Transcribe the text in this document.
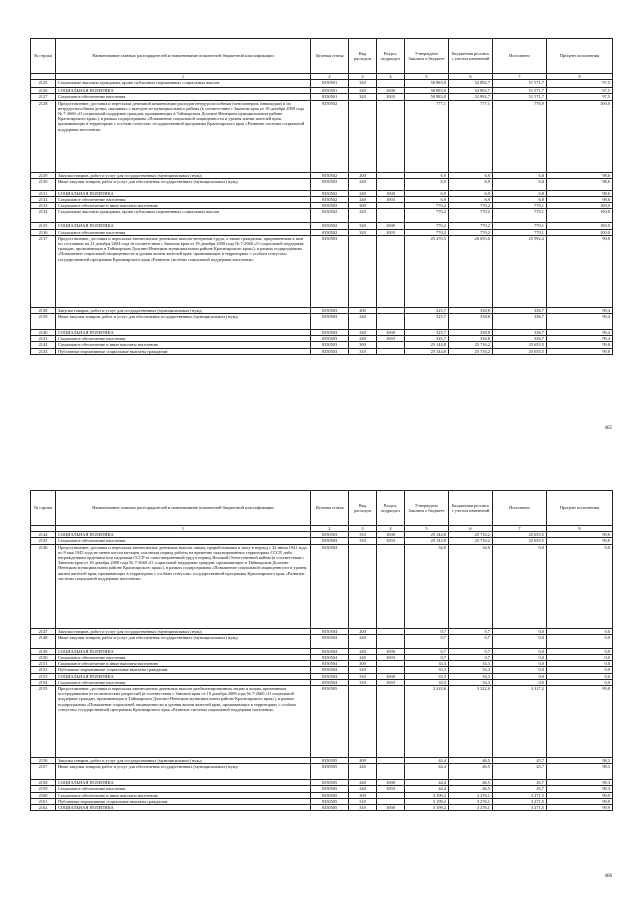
№ строки	Наименование главных распорядителей и наименование показателей бюджетной классификации	Целевая статья	Вид расходов	Раздел, подраздел	Утверждено Законом о бюджете	Бюджетная роспись с учетом изменений	Исполнено	Процент исполнения
	1	2	3	4	5	6	7	8
2125	Социальные выплаты гражданам, кроме публичных нормативных социальных выплат	0350501	320		50 883,0	52 892,7	51 571,7	97,5
2126	СОЦИАЛЬНАЯ ПОЛИТИКА	0350501	320	1000	50 883,0	52 892,7	51 571,7	97,5
2127	Социальное обеспечение населения	0350501	320	1003	50 883,0	52 892,7	51 571,7	97,5
2128	Предоставление, доставка и пересылка денежной компенсации расходов нетрудоспособным (пенсионерам, инвалидам) и их нетрудоспособным детям, связанных с выездом из муниципального района (в соответствии с Законом края от 18 декабря 2008 года № 7-2660 «О социальной поддержке граждан, проживающих в Таймырском Долгано-Ненецком муниципальном районе Красноярского края»), в рамках подпрограммы «Повышение социальной защищенности и уровня жизни жителей края, проживающих в территориях с особым статусом» государственной программы Красноярского края «Развитие системы социальной поддержки населения»	0350502			777,1	777,1	776,9	100,0
2129	Закупка товаров, работ и услуг для государственных (муниципальных) нужд	0350502	200		6,9	6,9	6,8	98,6
2130	Иные закупки товаров, работ и услуг для обеспечения государственных (муниципальных) нужд	0350502	240		6,9	6,9	6,8	98,6
2131	СОЦИАЛЬНАЯ ПОЛИТИКА	0350502	240	1000	6,9	6,9	6,8	98,6
2132	Социальное обеспечение населения	0350502	240	1003	6,9	6,9	6,8	98,6
2133	Социальное обеспечение и иные выплаты населению	0350502	300		770,2	770,2	770,1	100,0
2134	Социальные выплаты гражданам, кроме публичных нормативных социальных выплат	0350502	320		770,2	770,2	770,1	100,0
2135	СОЦИАЛЬНАЯ ПОЛИТИКА	0350502	320	1000	770,2	770,2	770,1	100,0
2136	Социальное обеспечение населения	0350502	320	1003	770,2	770,2	770,1	100,0
2137	Предоставление, доставка и пересылка ежемесячных денежных выплат ветеранам труда, а также гражданам, приравненным к ним по состоянию на 31 декабря 2004 года (в соответствии с Законом края от 18 декабря 2008 года № 7-2660 «О социальной поддержке граждан, проживающих в Таймырском Долгано-Ненецком муниципальном районе Красноярского края»), в рамках подпрограммы «Повышение социальной защищенности и уровня жизни жителей края, проживающих в территориях с особым статусом» государственной программы Красноярского края «Развитие системы социальной поддержки населения»	0350503			25 470,5	26 055,0	25 992,2	99,8
2138	Закупка товаров, работ и услуг для государственных (муниципальных) нужд	0350503	200		325,7	338,8	336,7	99,4
2139	Иные закупки товаров, работ и услуг для обеспечения государственных (муниципальных) нужд	0350503	240		325,7	338,8	336,7	99,4
2140	СОЦИАЛЬНАЯ ПОЛИТИКА	0350503	240	1000	325,7	338,8	336,7	99,4
2141	Социальное обеспечение населения	0350503	240	1003	325,7	338,8	336,7	99,4
2142	Социальное обеспечение и иные выплаты населению	0350503	300		25 144,8	25 716,2	25 655,5	99,8
2143	Публичные нормативные социальные выплаты гражданам	0350503	310		25 144,8	25 716,2	25 655,5	99,8
465
№ строки	Наименование главных распорядителей и наименование показателей бюджетной классификации	Целевая статья	Вид расходов	Раздел, подраздел	Утверждено Законом о бюджете	Бюджетная роспись с учетом изменений	Исполнено	Процент исполнения
	1	2	3	4	5	6	7	8
2144	СОЦИАЛЬНАЯ ПОЛИТИКА	0350503	310	1000	25 144,8	25 716,2	25 655,5	99,8
2145	Социальное обеспечение населения	0350503	310	1003	25 144,8	25 716,2	25 655,5	99,8
2146	Предоставление, доставка и пересылка ежемесячных денежных выплат лицам, проработавшим в тылу в период с 22 июня 1941 года по 9 мая 1945 года не менее шести месяцев, исключая период работы на временно оккупированных территориях СССР, либо награжденным орденами или медалями СССР за самоотверженный труд в период Великой Отечественной войны (в соответствии с Законом края от 18 декабря 2008 года № 7-2660 «О социальной поддержке граждан, проживающих в Таймырском Долгано-Ненецком муниципальном районе Красноярского края»), в рамках подпрограммы «Повышение социальной защищенности и уровня жизни жителей края, проживающих в территориях с особым статусом» государственной программы Красноярского края «Развитие системы социальной поддержки населения»	0350504			34,0	34,0	0,0	0,0
2147	Закупка товаров, работ и услуг для государственных (муниципальных) нужд	0350504	200		0,7	0,7	0,0	0,0
2148	Иные закупки товаров, работ и услуг для обеспечения государственных (муниципальных) нужд	0350504	240		0,7	0,7	0,0	0,0
2149	СОЦИАЛЬНАЯ ПОЛИТИКА	0350504	240	1000	0,7	0,7	0,0	0,0
2150	Социальное обеспечение населения	0350504	240	1003	0,7	0,7	0,0	0,0
2151	Социальное обеспечение и иные выплаты населению	0350504	300		33,3	33,3	0,0	0,0
2152	Публичные нормативные социальные выплаты гражданам	0350504	310		33,3	33,3	0,0	0,0
2153	СОЦИАЛЬНАЯ ПОЛИТИКА	0350504	310	1000	33,3	33,3	0,0	0,0
2154	Социальное обеспечение населения	0350504	310	1003	33,3	33,3	0,0	0,0
2155	Предоставление, доставка и пересылка ежемесячных денежных выплат реабилитированным лицам и лицам, признанным пострадавшими от политических репрессий (в соответствии с Законом края от 18 декабря 2008 года № 7-2660 «О социальной поддержке граждан, проживающих в Таймырском Долгано-Ненецком муниципальном районе Красноярского края»), в рамках подпрограммы «Повышение социальной защищенности и уровня жизни жителей края, проживающих в территориях с особым статусом» государственной программы Красноярского края «Развитие системы социальной поддержки населения»	0350505			3 243,6	3 322,6	3 317,2	99,8
2156	Закупка товаров, работ и услуг для государственных (муниципальных) нужд	0350505	200		44,4	46,5	45,7	98,3
2157	Иные закупки товаров, работ и услуг для обеспечения государственных (муниципальных) нужд	0350505	240		44,4	46,5	45,7	98,3
2158	СОЦИАЛЬНАЯ ПОЛИТИКА	0350505	240	1000	44,4	46,5	45,7	98,3
2159	Социальное обеспечение населения	0350505	240	1003	44,4	46,5	45,7	98,3
2160	Социальное обеспечение и иные выплаты населению	0350505	300		3 199,2	3 276,1	3 271,5	99,9
2161	Публичные нормативные социальные выплаты гражданам	0350505	310		3 199,2	3 276,1	3 271,5	99,9
2162	СОЦИАЛЬНАЯ ПОЛИТИКА	0350505	310	1000	3 199,2	3 276,1	3 271,5	99,9
466
